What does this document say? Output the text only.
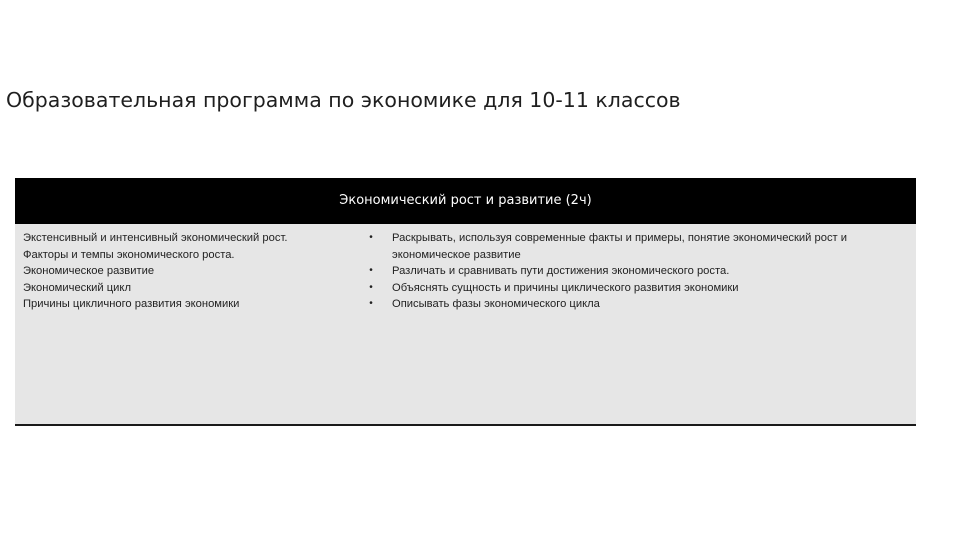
Образовательная программа по экономике для 10-11 классов
Экономический рост и развитие (2ч)
Экстенсивный и интенсивный экономический рост.
Факторы и темпы экономического роста.
Экономическое развитие
Экономический цикл
Причины цикличного развития экономики
•	Раскрывать, используя современные факты и примеры, понятие экономический рост и экономическое развитие
•	Различать и сравнивать пути достижения экономического роста.
•	Объяснять сущность и причины циклического развития экономики
•	Описывать фазы экономического цикла
